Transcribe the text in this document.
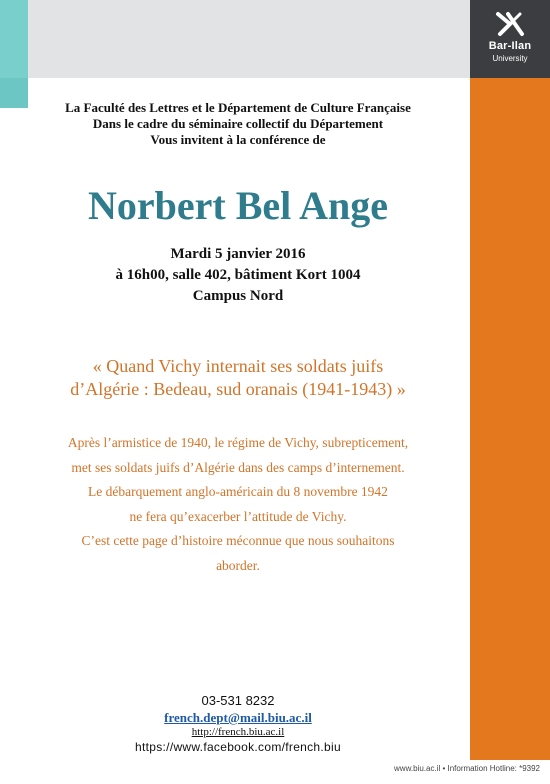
Bar-Ilan
University

La Faculté des Lettres et le Département de Culture Française

Dans le cadre du séminaire collectif du Département

Vous invitent à la conférence de

Norbert Bel Ange
Mardi 5 janvier 2016
à 16h00, salle 402, bâtiment Kort 1004
Campus Nord
« Quand Vichy internait ses soldats juifs
d’Algérie : Bedeau, sud oranais (1941-1943) »
Après l’armistice de 1940, le régime de Vichy, subrepticement,
met ses soldats juifs d’Algérie dans des camps d’internement.
Le débarquement anglo-américain du 8 novembre 1942
ne fera qu’exacerber l’attitude de Vichy.
C’est cette page d’histoire méconnue que nous souhaitons
aborder.
03-531 8232
french.dept@mail.biu.ac.il
http://french.biu.ac.il
https://www.facebook.com/french.biu
www.biu.ac.il • Information Hotline: *9392
